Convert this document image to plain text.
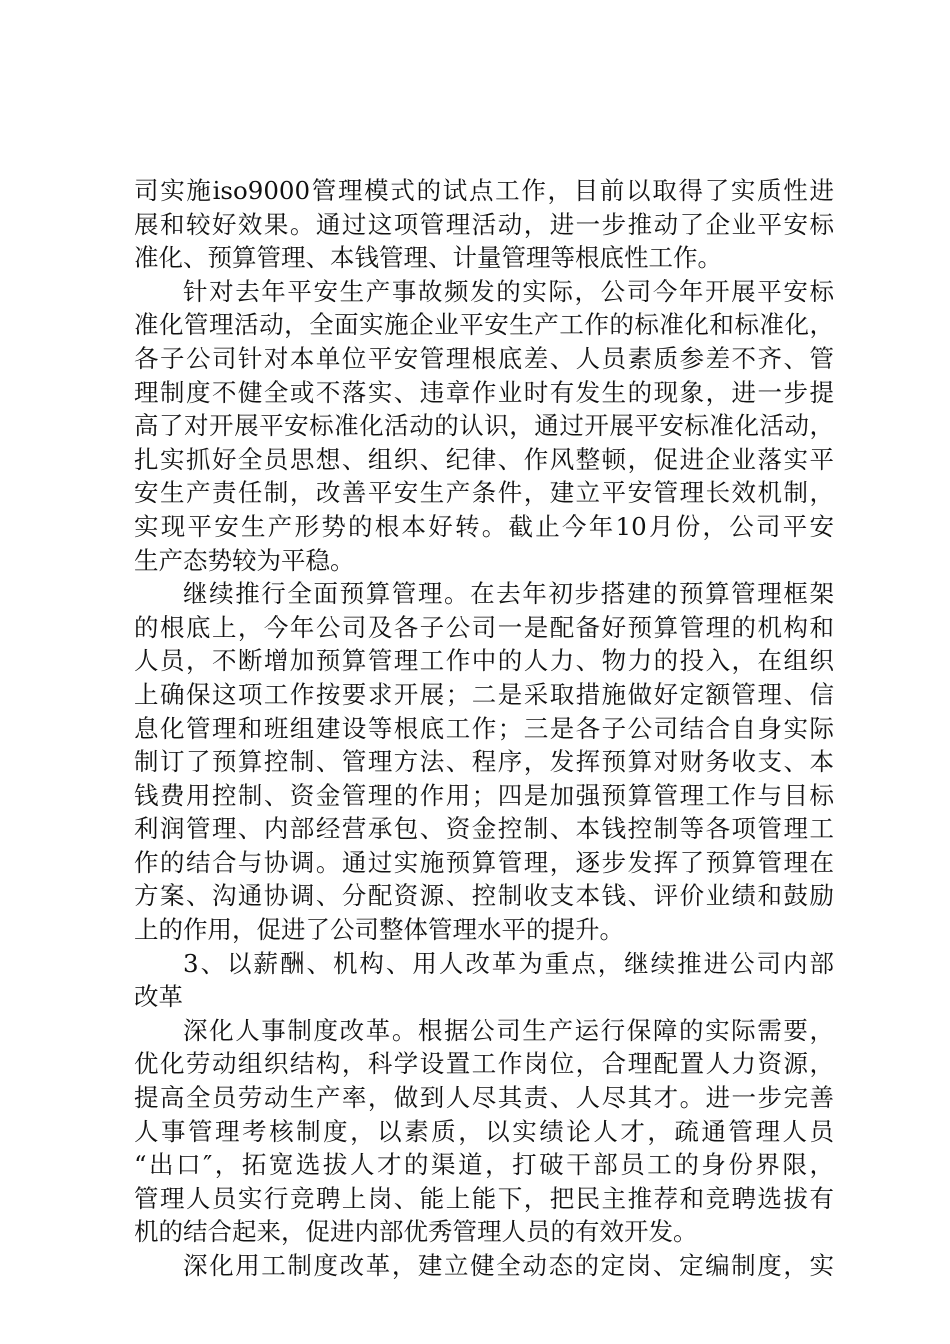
司实施iso9000管理模式的试点工作，目前以取得了实质性进
展和较好效果。通过这项管理活动，进一步推动了企业平安标
准化、预算管理、本钱管理、计量管理等根底性工作。
针对去年平安生产事故频发的实际，公司今年开展平安标
准化管理活动，全面实施企业平安生产工作的标准化和标准化，
各子公司针对本单位平安管理根底差、人员素质参差不齐、管
理制度不健全或不落实、违章作业时有发生的现象，进一步提
高了对开展平安标准化活动的认识，通过开展平安标准化活动，
扎实抓好全员思想、组织、纪律、作风整顿，促进企业落实平
安生产责任制，改善平安生产条件，建立平安管理长效机制，
实现平安生产形势的根本好转。截止今年10月份，公司平安
生产态势较为平稳。
继续推行全面预算管理。在去年初步搭建的预算管理框架
的根底上，今年公司及各子公司一是配备好预算管理的机构和
人员，不断增加预算管理工作中的人力、物力的投入，在组织
上确保这项工作按要求开展；二是采取措施做好定额管理、信
息化管理和班组建设等根底工作；三是各子公司结合自身实际
制订了预算控制、管理方法、程序，发挥预算对财务收支、本
钱费用控制、资金管理的作用；四是加强预算管理工作与目标
利润管理、内部经营承包、资金控制、本钱控制等各项管理工
作的结合与协调。通过实施预算管理，逐步发挥了预算管理在
方案、沟通协调、分配资源、控制收支本钱、评价业绩和鼓励
上的作用，促进了公司整体管理水平的提升。
3、以薪酬、机构、用人改革为重点，继续推进公司内部
改革
深化人事制度改革。根据公司生产运行保障的实际需要，
优化劳动组织结构，科学设置工作岗位，合理配置人力资源，
提高全员劳动生产率，做到人尽其责、人尽其才。进一步完善
人事管理考核制度，以素质，以实绩论人才，疏通管理人员
“出口″，拓宽选拔人才的渠道，打破干部员工的身份界限，
管理人员实行竞聘上岗、能上能下，把民主推荐和竞聘选拔有
机的结合起来，促进内部优秀管理人员的有效开发。
深化用工制度改革，建立健全动态的定岗、定编制度，实
